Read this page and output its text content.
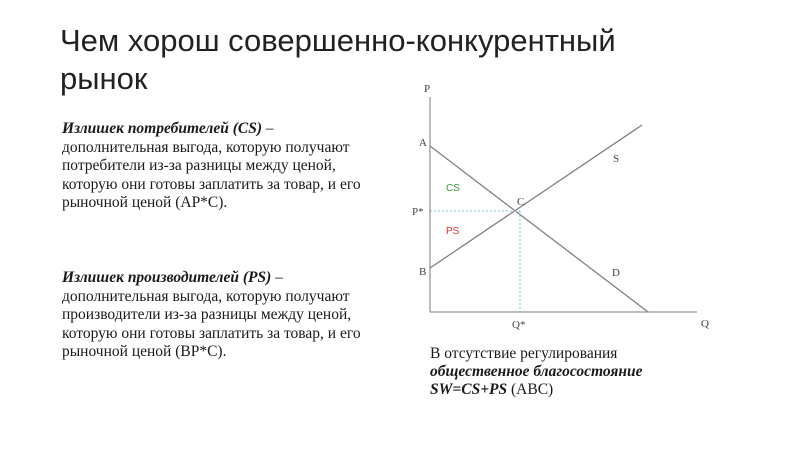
Чем хорош совершенно-конкурентный рынок

Излишек потребителей (CS) – дополнительная выгода, которую получают потребители из-за разницы между ценой, которую они готовы заплатить за товар, и его рыночной ценой (AP*C).

Излишек производителей (PS) – дополнительная выгода, которую получают производители из-за разницы между ценой, которую они готовы заплатить за товар, и его рыночной ценой (BP*C).

P
Q
A
B
C
P*
Q*
S
D
CS
PS

В отсутствие регулирования
общественное благосостояние
SW=CS+PS (ABC)
